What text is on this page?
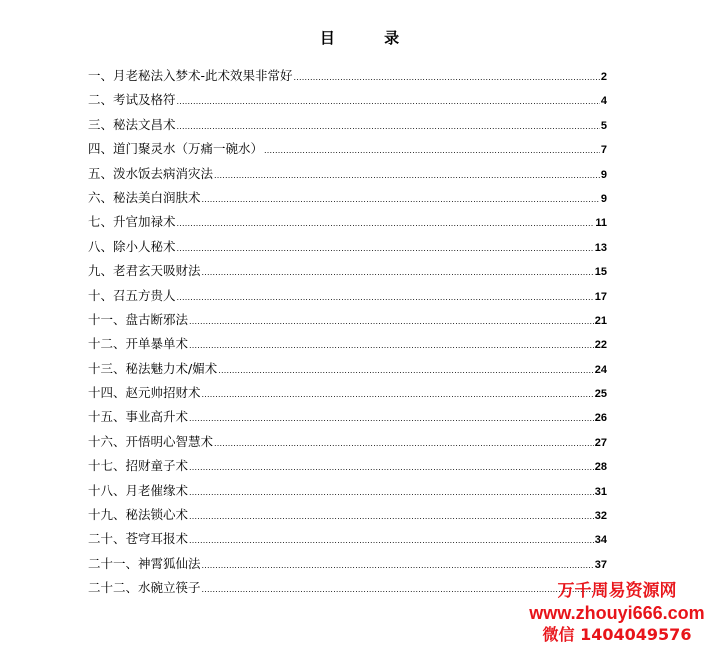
目 录
一、月老秘法入梦术-此术效果非常好 .....	2
二、考试及格符 .....	4
三、秘法文昌术 .....	5
四、道门聚灵水（万痛一碗水） .....	7
五、泼水饭去病消灾法 .....	9
六、秘法美白润肤术 .....	9
七、升官加禄术 .....	11
八、除小人秘术 .....	13
九、老君玄天吸财法 .....	15
十、召五方贵人 .....	17
十一、盘古断邪法 .....	21
十二、开单暴单术 .....	22
十三、秘法魅力术/媚术 .....	24
十四、赵元帅招财术 .....	25
十五、事业高升术 .....	26
十六、开悟明心智慧术 .....	27
十七、招财童子术 .....	28
十八、月老催缘术 .....	31
十九、秘法锁心术 .....	32
二十、苍穹耳报术 .....	34
二十一、神霄狐仙法 .....	37
二十二、水碗立筷子 .....	万千周易资源网
www.zhouyi666.com
微信 1404049576
